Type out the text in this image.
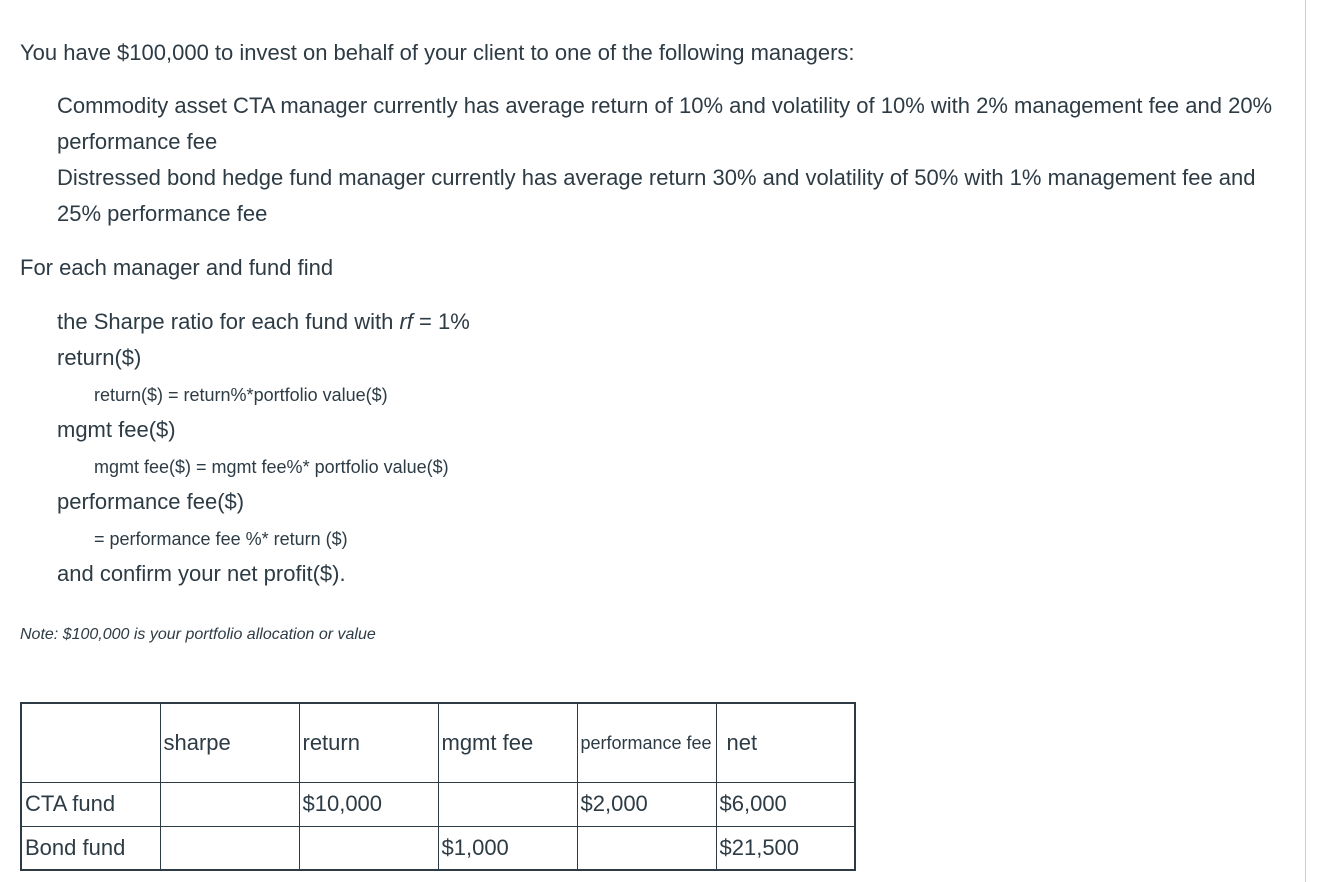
You have $100,000 to invest on behalf of your client to one of the following managers:
Commodity asset CTA manager currently has average return of 10% and volatility of 10% with 2% management fee and 20% performance fee
Distressed bond hedge fund manager currently has average return 30% and volatility of 50% with 1% management fee and 25% performance fee
For each manager and fund find
the Sharpe ratio for each fund with rf = 1%
return($)
return($) = return%*portfolio value($)
mgmt fee($)
mgmt fee($) = mgmt fee%* portfolio value($)
performance fee($)
= performance fee %* return ($)
and confirm your net profit($).
Note: $100,000 is your portfolio allocation or value
	sharpe	return	mgmt fee	performance fee	net
CTA fund		$10,000		$2,000	$6,000
Bond fund			$1,000		$21,500
